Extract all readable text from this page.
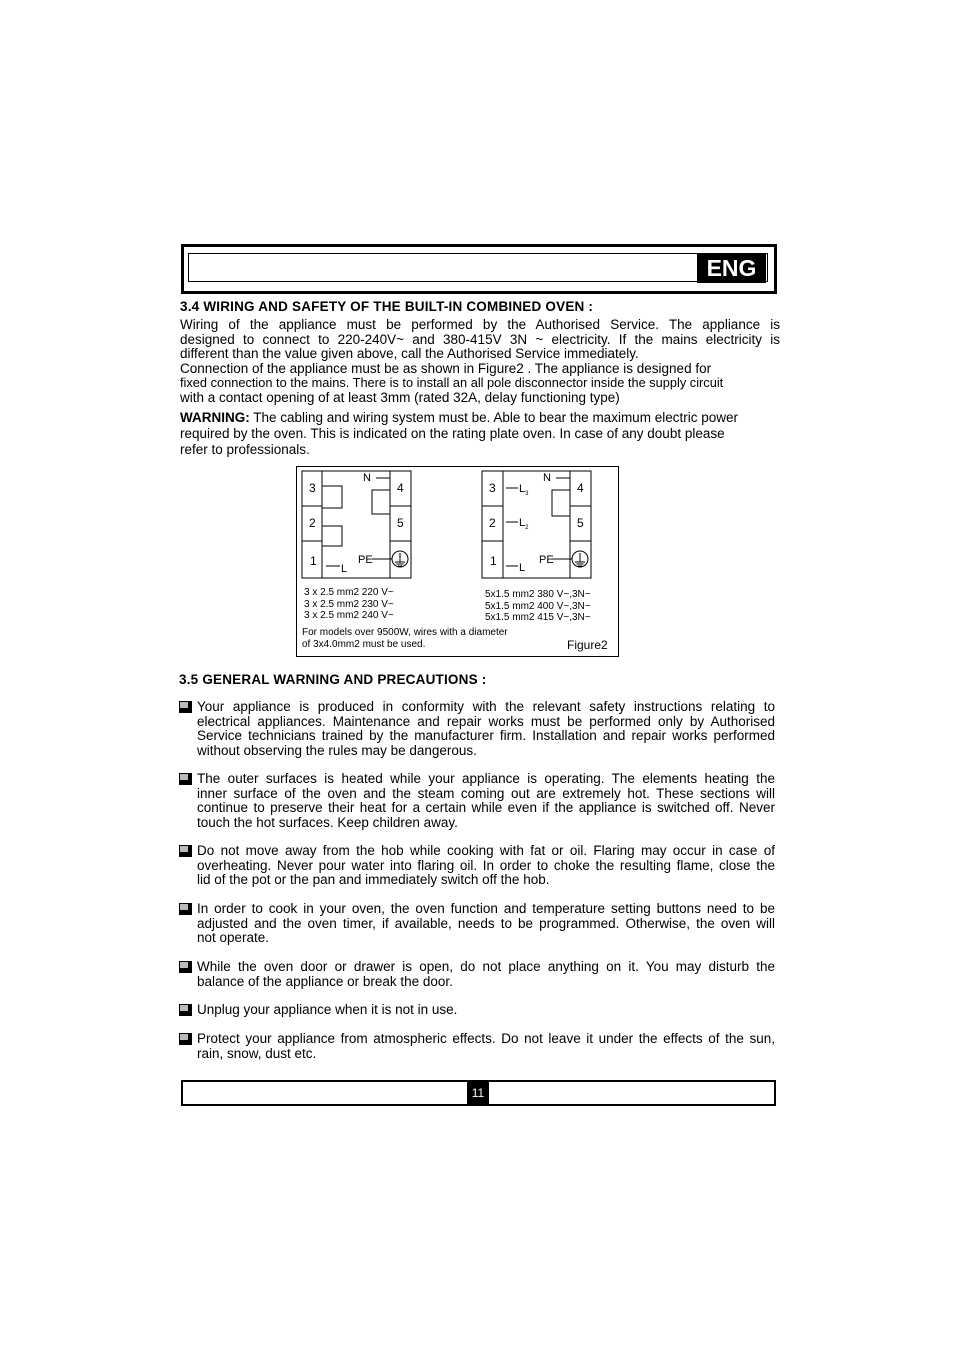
ENG
3.4 WIRING AND SAFETY OF THE BUILT-IN COMBINED OVEN :

Wiring of the appliance must be performed by the Authorised Service. The appliance is

designed to connect to 220-240V~ and 380-415V 3N ~ electricity. If the mains electricity is

different than the value given above, call the Authorised Service immediately.

Connection of the appliance must be as shown in Figure2 . The appliance is designed for

fixed connection to the mains. There is to install an all pole disconnector inside the supply circuit

with a contact opening of at least 3mm (rated 32A, delay functioning type)

WARNING: The cabling and wiring system must be. Able to bear the maximum electric power

required by the oven. This is indicated on the rating plate oven. In case of any doubt please

refer to professionals.

3
2
1
4
5
N
L
PE
3
2
1
4
5
N
$L_3$
$L_2$
L
PE
3 x 2.5 mm2 220 V~
3 x 2.5 mm2 230 V~
3 x 2.5 mm2 240 V~
5x1.5 mm2 380 V~,3N~
5x1.5 mm2 400 V~,3N~
5x1.5 mm2 415 V~,3N~
For models over 9500W, wires with a diameter
of 3x4.0mm2 must be used.	Figure2
3.5 GENERAL WARNING AND PRECAUTIONS :
Your appliance is produced in conformity with the relevant safety instructions relating to
electrical appliances. Maintenance and repair works must be performed only by Authorised
Service technicians trained by the manufacturer firm. Installation and repair works performed
without observing the rules may be dangerous.
The outer surfaces is heated while your appliance is operating. The elements heating the
inner surface of the oven and the steam coming out are extremely hot. These sections will
continue to preserve their heat for a certain while even if the appliance is switched off. Never
touch the hot surfaces. Keep children away.
Do not move away from the hob while cooking with fat or oil. Flaring may occur in case of
overheating. Never pour water into flaring oil. In order to choke the resulting flame, close the
lid of the pot or the pan and immediately switch off the hob.
In order to cook in your oven, the oven function and temperature setting buttons need to be
adjusted and the oven timer, if available, needs to be programmed. Otherwise, the oven will
not operate.
While the oven door or drawer is open, do not place anything on it. You may disturb the
balance of the appliance or break the door.
Unplug your appliance when it is not in use.
Protect your appliance from atmospheric effects. Do not leave it under the effects of the sun,
rain, snow, dust etc.
11
